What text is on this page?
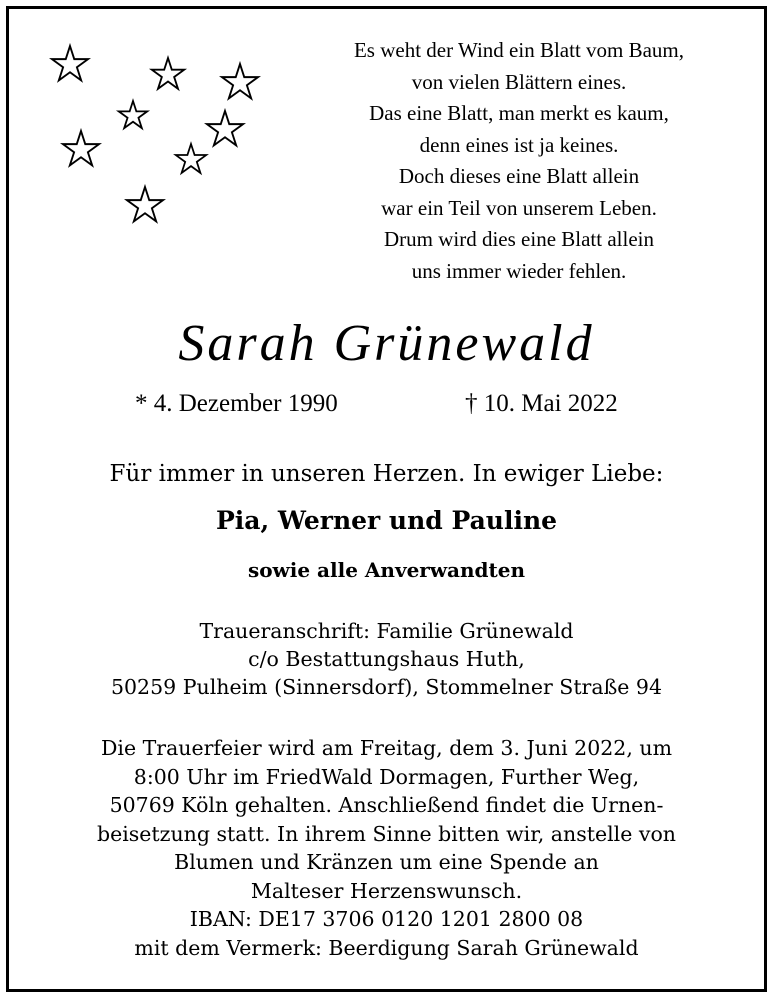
Es weht der Wind ein Blatt vom Baum,
von vielen Blättern eines.
Das eine Blatt, man merkt es kaum,
denn eines ist ja keines.
Doch dieses eine Blatt allein
war ein Teil von unserem Leben.
Drum wird dies eine Blatt allein
uns immer wieder fehlen.
Sarah Grünewald
* 4. Dezember 1990	† 10. Mai 2022
Für immer in unseren Herzen. In ewiger Liebe:
Pia, Werner und Pauline
sowie alle Anverwandten
Traueranschrift: Familie Grünewald
c/o Bestattungshaus Huth,
50259 Pulheim (Sinnersdorf), Stommelner Straße 94
Die Trauerfeier wird am Freitag, dem 3. Juni 2022, um
8:00 Uhr im FriedWald Dormagen, Further Weg,
50769 Köln gehalten. Anschließend findet die Urnen-
beisetzung statt. In ihrem Sinne bitten wir, anstelle von
Blumen und Kränzen um eine Spende an
Malteser Herzenswunsch.
IBAN: DE17 3706 0120 1201 2800 08
mit dem Vermerk: Beerdigung Sarah Grünewald
